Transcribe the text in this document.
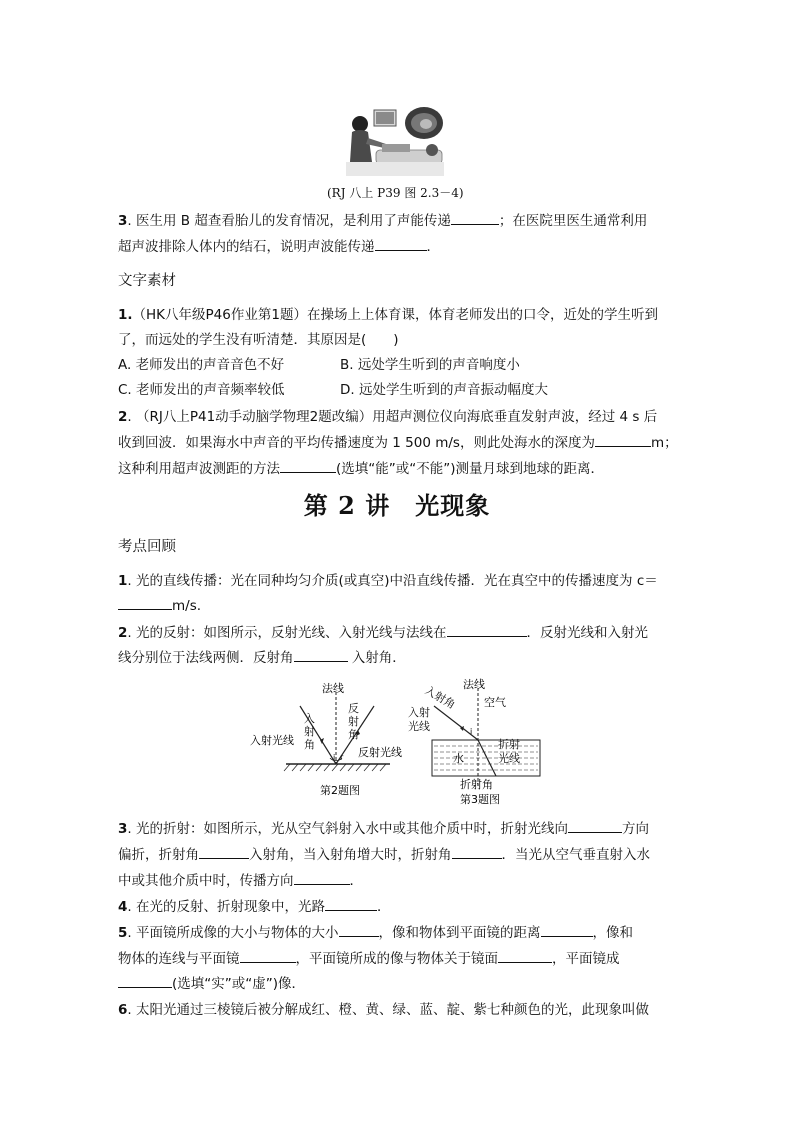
(RJ 八上 P39 图 2.3－4)
3. 医生用 B 超查看胎儿的发育情况，是利用了声能传递	；在医院里医生通常利用
超声波排除人体内的结石，说明声波能传递	．
文字素材
1.（HK八年级P46作业第1题）在操场上上体育课，体育老师发出的口令，近处的学生听到
了，而远处的学生没有听清楚．其原因是(　　)
A. 老师发出的声音音色不好	B. 远处学生听到的声音响度小
C. 老师发出的声音频率较低	D. 远处学生听到的声音振动幅度大
2. （RJ八上P41动手动脑学物理2题改编）用超声测位仪向海底垂直发射声波，经过 4 s 后
收到回波．如果海水中声音的平均传播速度为 1 500 m/s，则此处海水的深度为	m；
这种利用超声波测距的方法	(选填“能”或“不能”)测量月球到地球的距离．
第 2 讲　光现象
考点回顾
1. 光的直线传播：光在同种均匀介质(或真空)中沿直线传播．光在真空中的传播速度为 c＝
m/s.
2. 光的反射：如图所示，反射光线、入射光线与法线在	．反射光线和入射光
线分别位于法线两侧．反射角	入射角．
法线
入射光线
反射光线
i r
第2题图
入射角
反射角
法线
空气
i
水
折射角
第3题图
入射角
入射光线
折射光线
3. 光的折射：如图所示，光从空气斜射入水中或其他介质中时，折射光线向	方向
偏折，折射角	入射角，当入射角增大时，折射角	．当光从空气垂直射入水
中或其他介质中时，传播方向	．
4. 在光的反射、折射现象中，光路	．
5. 平面镜所成像的大小与物体的大小	，像和物体到平面镜的距离	，像和
物体的连线与平面镜	，平面镜所成的像与物体关于镜面	，平面镜成
(选填“实”或“虚”)像．
6. 太阳光通过三棱镜后被分解成红、橙、黄、绿、蓝、靛、紫七种颜色的光，此现象叫做
